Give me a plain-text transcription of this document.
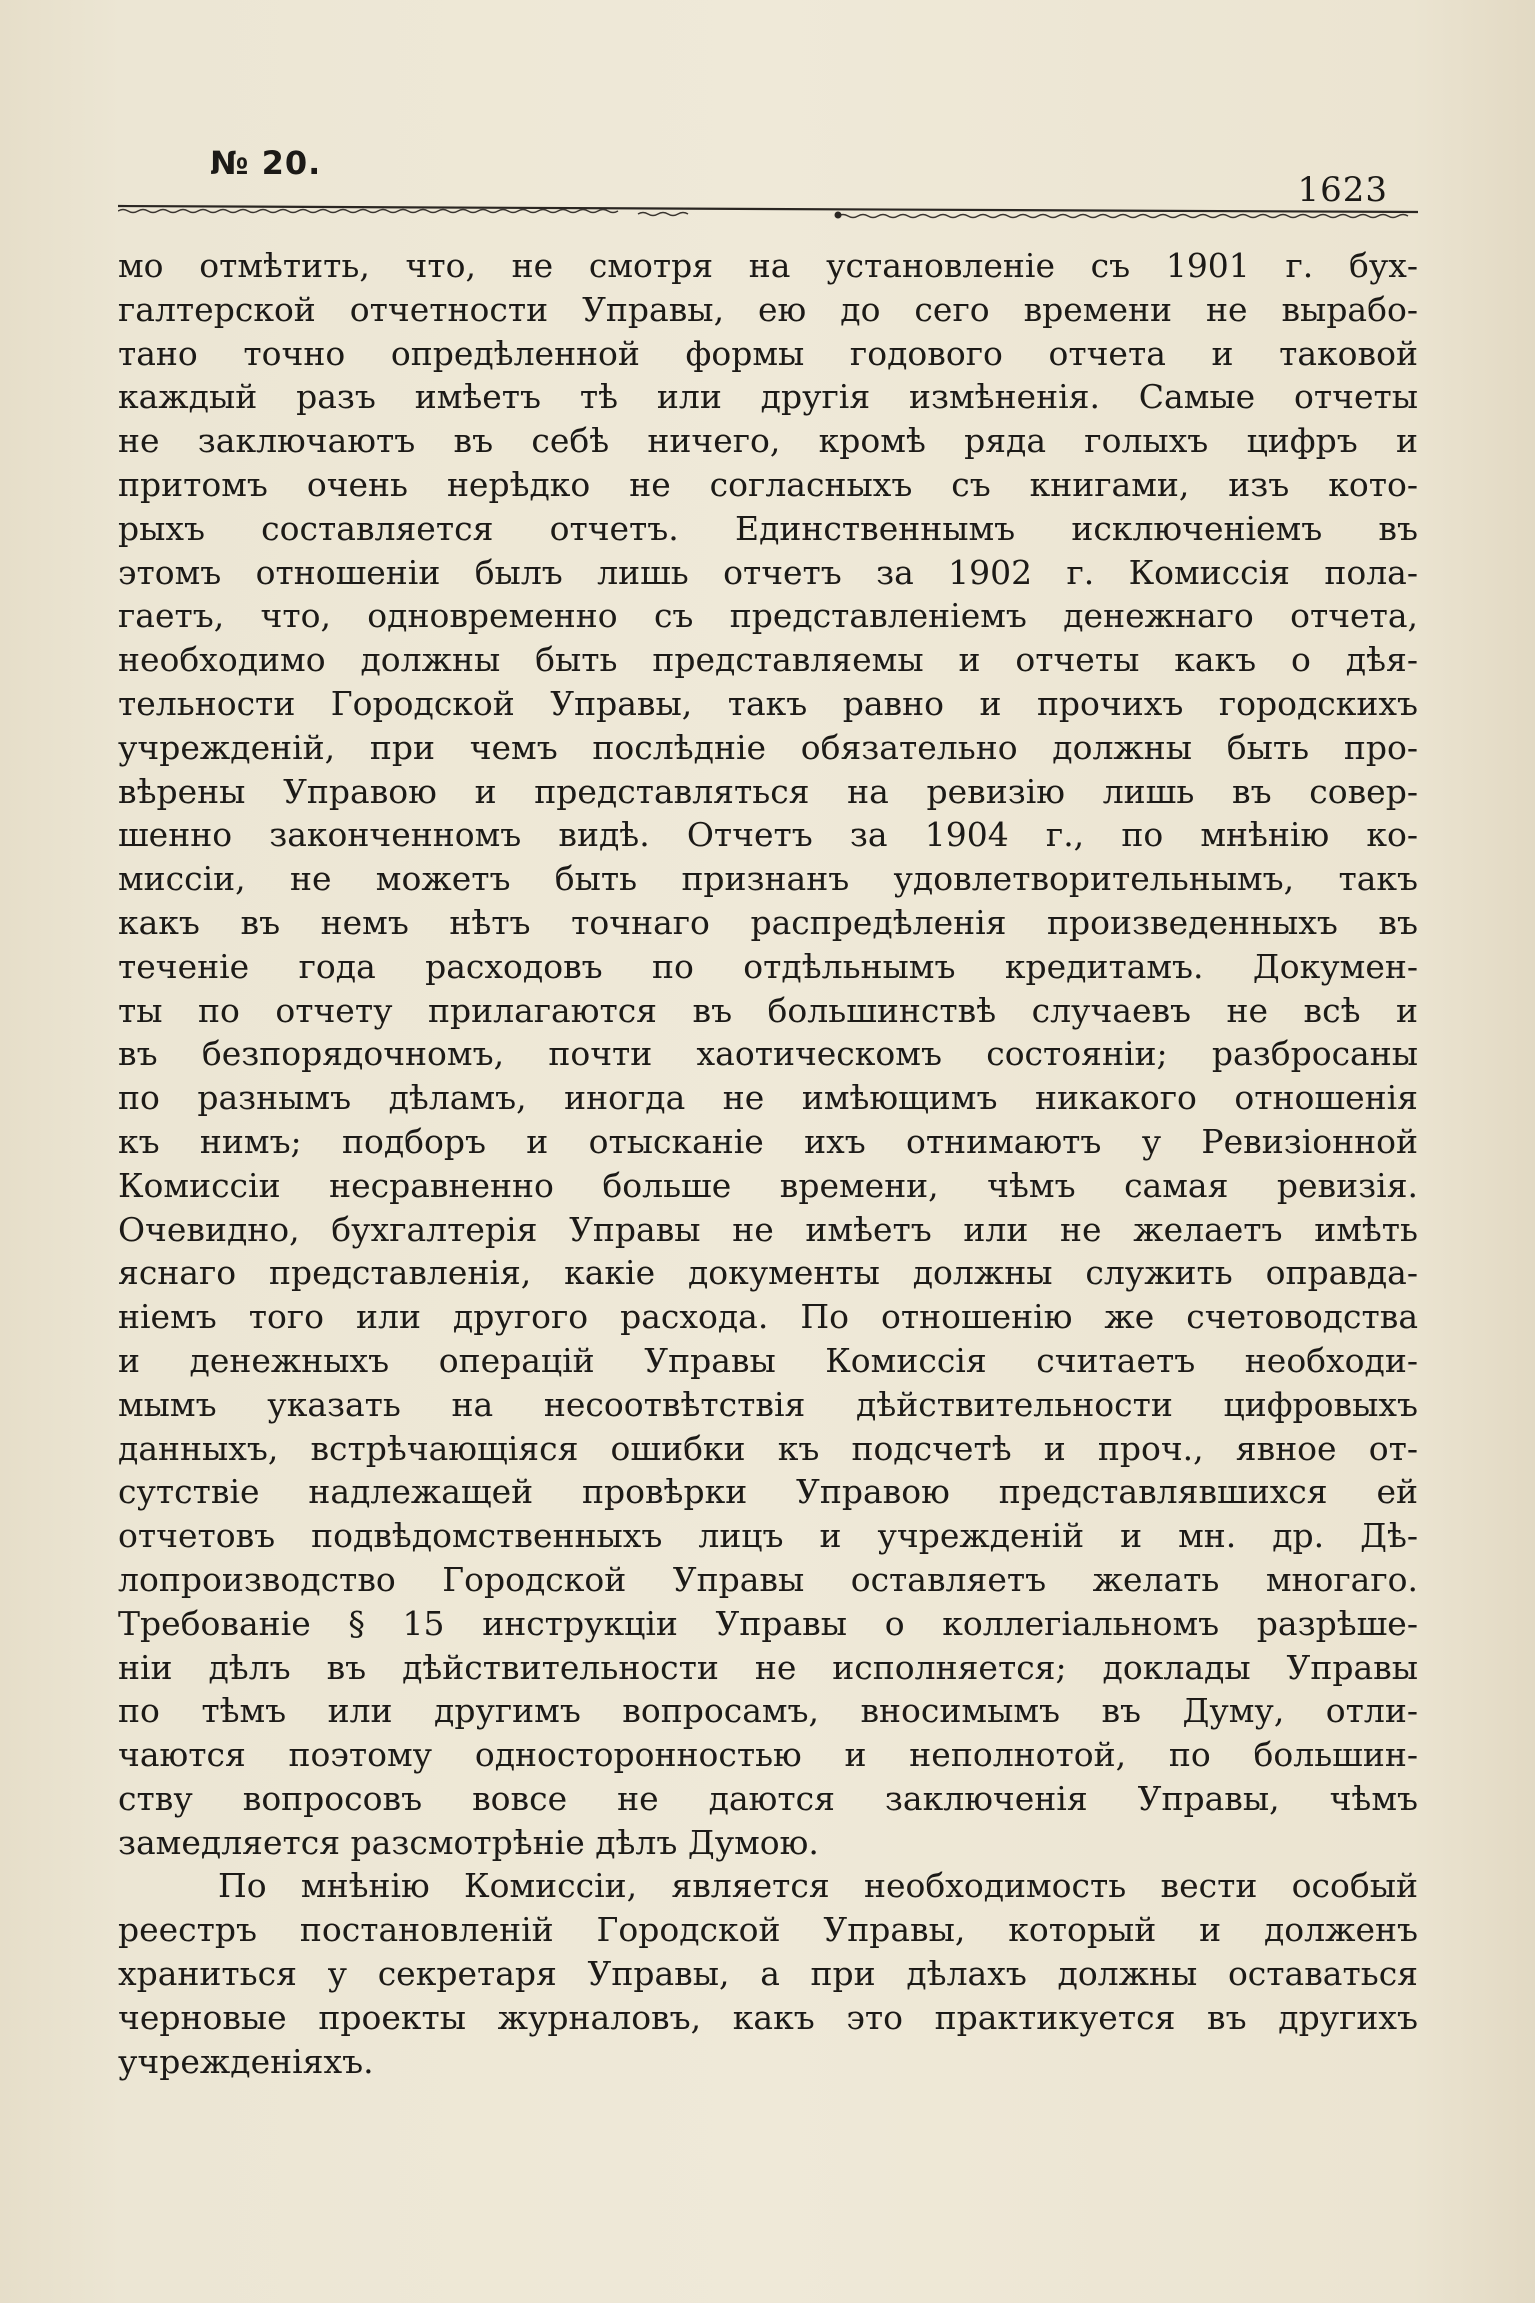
№ 20.
1623
мо отмѣтить, что, не смотря на установленіе съ 1901 г. бух-
галтерской отчетности Управы, ею до сего времени не вырабо-
тано точно опредѣленной формы годового отчета и таковой
каждый разъ имѣетъ тѣ или другія измѣненія. Самые отчеты
не заключаютъ въ себѣ ничего, кромѣ ряда голыхъ цифръ и
притомъ очень нерѣдко не согласныхъ съ книгами, изъ кото-
рыхъ составляется отчетъ. Единственнымъ исключеніемъ въ
этомъ отношеніи былъ лишь отчетъ за 1902 г. Комиссія пола-
гаетъ, что, одновременно съ представленіемъ денежнаго отчета,
необходимо должны быть представляемы и отчеты какъ о дѣя-
тельности Городской Управы, такъ равно и прочихъ городскихъ
учрежденій, при чемъ послѣдніе обязательно должны быть про-
вѣрены Управою и представляться на ревизію лишь въ совер-
шенно законченномъ видѣ. Отчетъ за 1904 г., по мнѣнію ко-
миссіи, не можетъ быть признанъ удовлетворительнымъ, такъ
какъ въ немъ нѣтъ точнаго распредѣленія произведенныхъ въ
теченіе года расходовъ по отдѣльнымъ кредитамъ. Докумен-
ты по отчету прилагаются въ большинствѣ случаевъ не всѣ и
въ безпорядочномъ, почти хаотическомъ состояніи; разбросаны
по разнымъ дѣламъ, иногда не имѣющимъ никакого отношенія
къ нимъ; подборъ и отысканіе ихъ отнимаютъ у Ревизіонной
Комиссіи несравненно больше времени, чѣмъ самая ревизія.
Очевидно, бухгалтерія Управы не имѣетъ или не желаетъ имѣть
яснаго представленія, какіе документы должны служить оправда-
ніемъ того или другого расхода. По отношенію же счетоводства
и денежныхъ операцій Управы Комиссія считаетъ необходи-
мымъ указать на несоотвѣтствія дѣйствительности цифровыхъ
данныхъ, встрѣчающіяся ошибки къ подсчетѣ и проч., явное от-
сутствіе надлежащей провѣрки Управою представлявшихся ей
отчетовъ подвѣдомственныхъ лицъ и учрежденій и мн. др. Дѣ-
лопроизводство Городской Управы оставляетъ желать многаго.
Требованіе § 15 инструкціи Управы о коллегіальномъ разрѣше-
ніи дѣлъ въ дѣйствительности не исполняется; доклады Управы
по тѣмъ или другимъ вопросамъ, вносимымъ въ Думу, отли-
чаются поэтому односторонностью и неполнотой, по большин-
ству вопросовъ вовсе не даются заключенія Управы, чѣмъ
замедляется разсмотрѣніе дѣлъ Думою.
По мнѣнію Комиссіи, является необходимость вести особый
реестръ постановленій Городской Управы, который и долженъ
храниться у секретаря Управы, а при дѣлахъ должны оставаться
черновые проекты журналовъ, какъ это практикуется въ другихъ
учрежденіяхъ.
